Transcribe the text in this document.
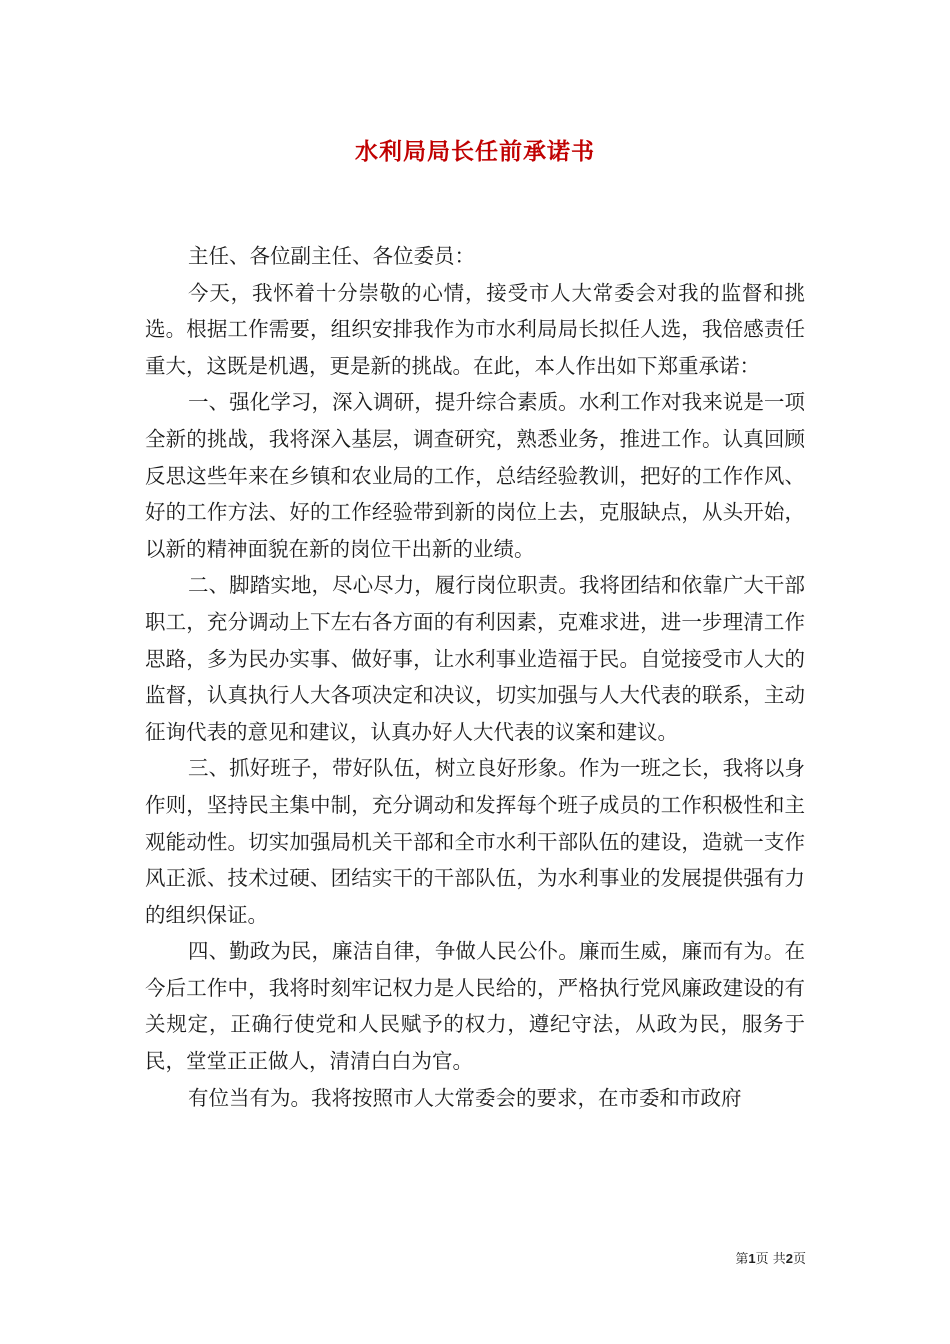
水利局局长任前承诺书

主任、各位副主任、各位委员：

今天，我怀着十分崇敬的心情，接受市人大常委会对我的监督和挑选。根据工作需要，组织安排我作为市水利局局长拟任人选，我倍感责任重大，这既是机遇，更是新的挑战。在此，本人作出如下郑重承诺：

一、强化学习，深入调研，提升综合素质。水利工作对我来说是一项全新的挑战，我将深入基层，调查研究，熟悉业务，推进工作。认真回顾反思这些年来在乡镇和农业局的工作，总结经验教训，把好的工作作风、好的工作方法、好的工作经验带到新的岗位上去，克服缺点，从头开始，以新的精神面貌在新的岗位干出新的业绩。

二、脚踏实地，尽心尽力，履行岗位职责。我将团结和依靠广大干部职工，充分调动上下左右各方面的有利因素，克难求进，进一步理清工作思路，多为民办实事、做好事，让水利事业造福于民。自觉接受市人大的监督，认真执行人大各项决定和决议，切实加强与人大代表的联系，主动征询代表的意见和建议，认真办好人大代表的议案和建议。

三、抓好班子，带好队伍，树立良好形象。作为一班之长，我将以身作则，坚持民主集中制，充分调动和发挥每个班子成员的工作积极性和主观能动性。切实加强局机关干部和全市水利干部队伍的建设，造就一支作风正派、技术过硬、团结实干的干部队伍，为水利事业的发展提供强有力的组织保证。

四、勤政为民，廉洁自律，争做人民公仆。廉而生威，廉而有为。在今后工作中，我将时刻牢记权力是人民给的，严格执行党风廉政建设的有关规定，正确行使党和人民赋予的权力，遵纪守法，从政为民，服务于民，堂堂正正做人，清清白白为官。

有位当有为。我将按照市人大常委会的要求，在市委和市政府

第1页 共2页
